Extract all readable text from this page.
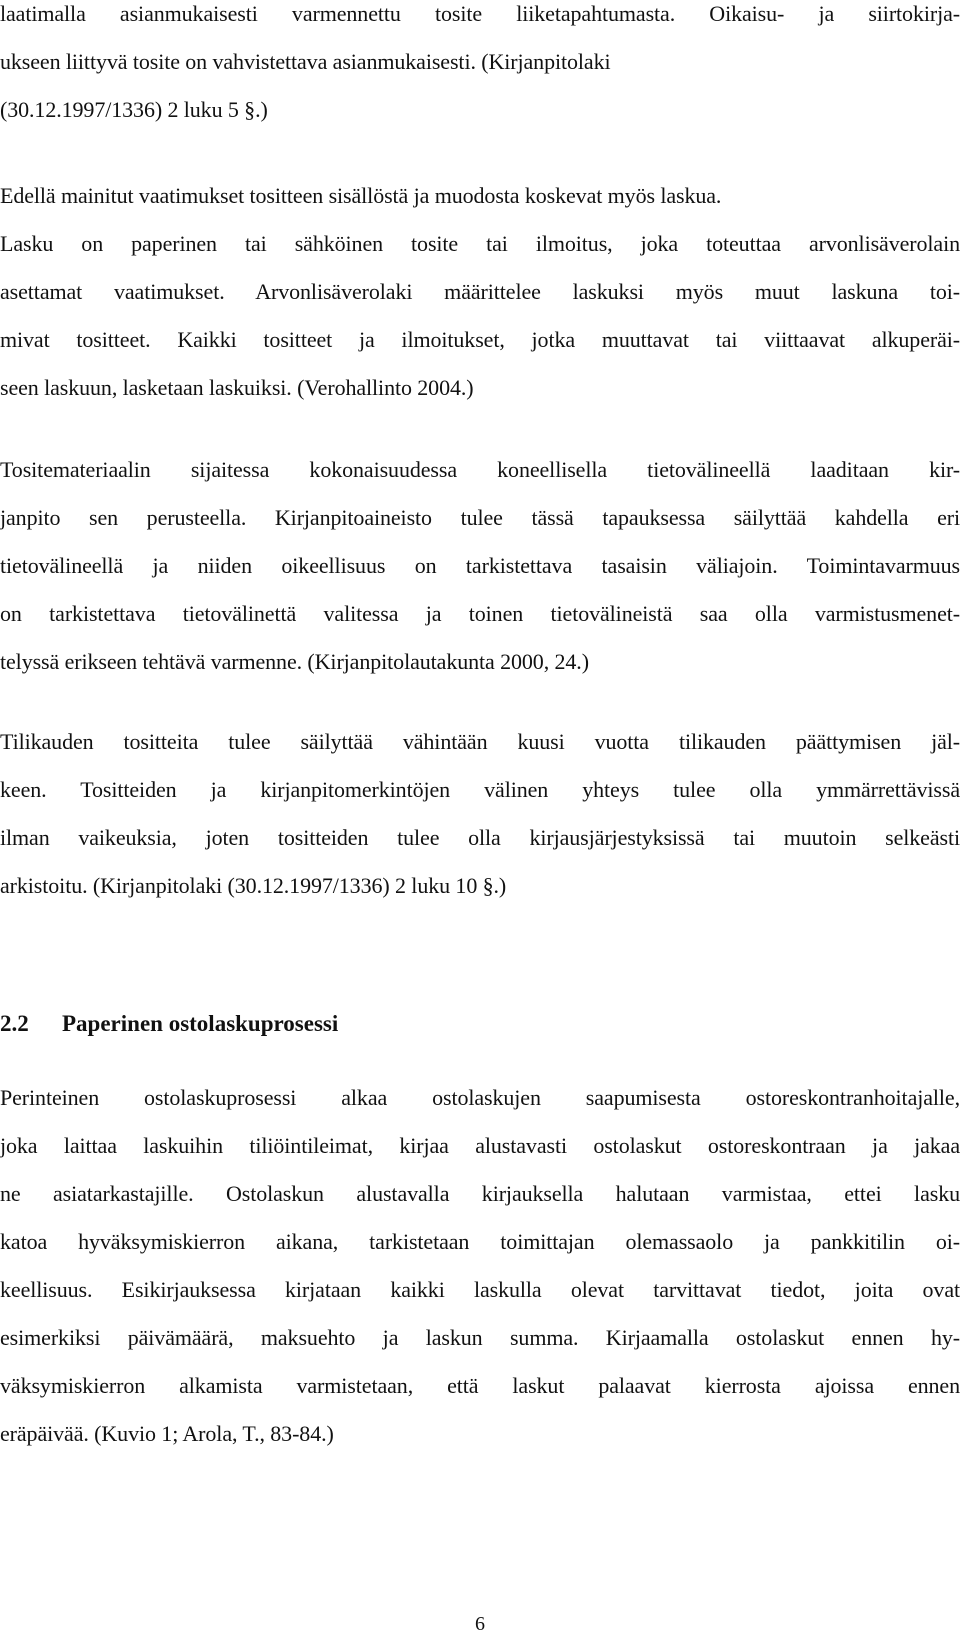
laatimalla asianmukaisesti varmennettu tosite liiketapahtumasta. Oikaisu- ja siirtokirja-
ukseen liittyvä tosite on vahvistettava asianmukaisesti. (Kirjanpitolaki
(30.12.1997/1336) 2 luku 5 §.)
Edellä mainitut vaatimukset tositteen sisällöstä ja muodosta koskevat myös laskua.
Lasku on paperinen tai sähköinen tosite tai ilmoitus, joka toteuttaa arvonlisäverolain
asettamat vaatimukset. Arvonlisäverolaki määrittelee laskuksi myös muut laskuna toi-
mivat tositteet. Kaikki tositteet ja ilmoitukset, jotka muuttavat tai viittaavat alkuperäi-
seen laskuun, lasketaan laskuiksi. (Verohallinto 2004.)
Tositemateriaalin sijaitessa kokonaisuudessa koneellisella tietovälineellä laaditaan kir-
janpito sen perusteella. Kirjanpitoaineisto tulee tässä tapauksessa säilyttää kahdella eri
tietovälineellä ja niiden oikeellisuus on tarkistettava tasaisin väliajoin. Toimintavarmuus
on tarkistettava tietovälinettä valitessa ja toinen tietovälineistä saa olla varmistusmenet-
telyssä erikseen tehtävä varmenne. (Kirjanpitolautakunta 2000, 24.)
Tilikauden tositteita tulee säilyttää vähintään kuusi vuotta tilikauden päättymisen jäl-
keen. Tositteiden ja kirjanpitomerkintöjen välinen yhteys tulee olla ymmärrettävissä
ilman vaikeuksia, joten tositteiden tulee olla kirjausjärjestyksissä tai muutoin selkeästi
arkistoitu. (Kirjanpitolaki (30.12.1997/1336) 2 luku 10 §.)
2.2 Paperinen ostolaskuprosessi
Perinteinen ostolaskuprosessi alkaa ostolaskujen saapumisesta ostoreskontranhoitajalle,
joka laittaa laskuihin tiliöintileimat, kirjaa alustavasti ostolaskut ostoreskontraan ja jakaa
ne asiatarkastajille. Ostolaskun alustavalla kirjauksella halutaan varmistaa, ettei lasku
katoa hyväksymiskierron aikana, tarkistetaan toimittajan olemassaolo ja pankkitilin oi-
keellisuus. Esikirjauksessa kirjataan kaikki laskulla olevat tarvittavat tiedot, joita ovat
esimerkiksi päivämäärä, maksuehto ja laskun summa. Kirjaamalla ostolaskut ennen hy-
väksymiskierron alkamista varmistetaan, että laskut palaavat kierrosta ajoissa ennen
eräpäivää. (Kuvio 1; Arola, T., 83-84.)
6
